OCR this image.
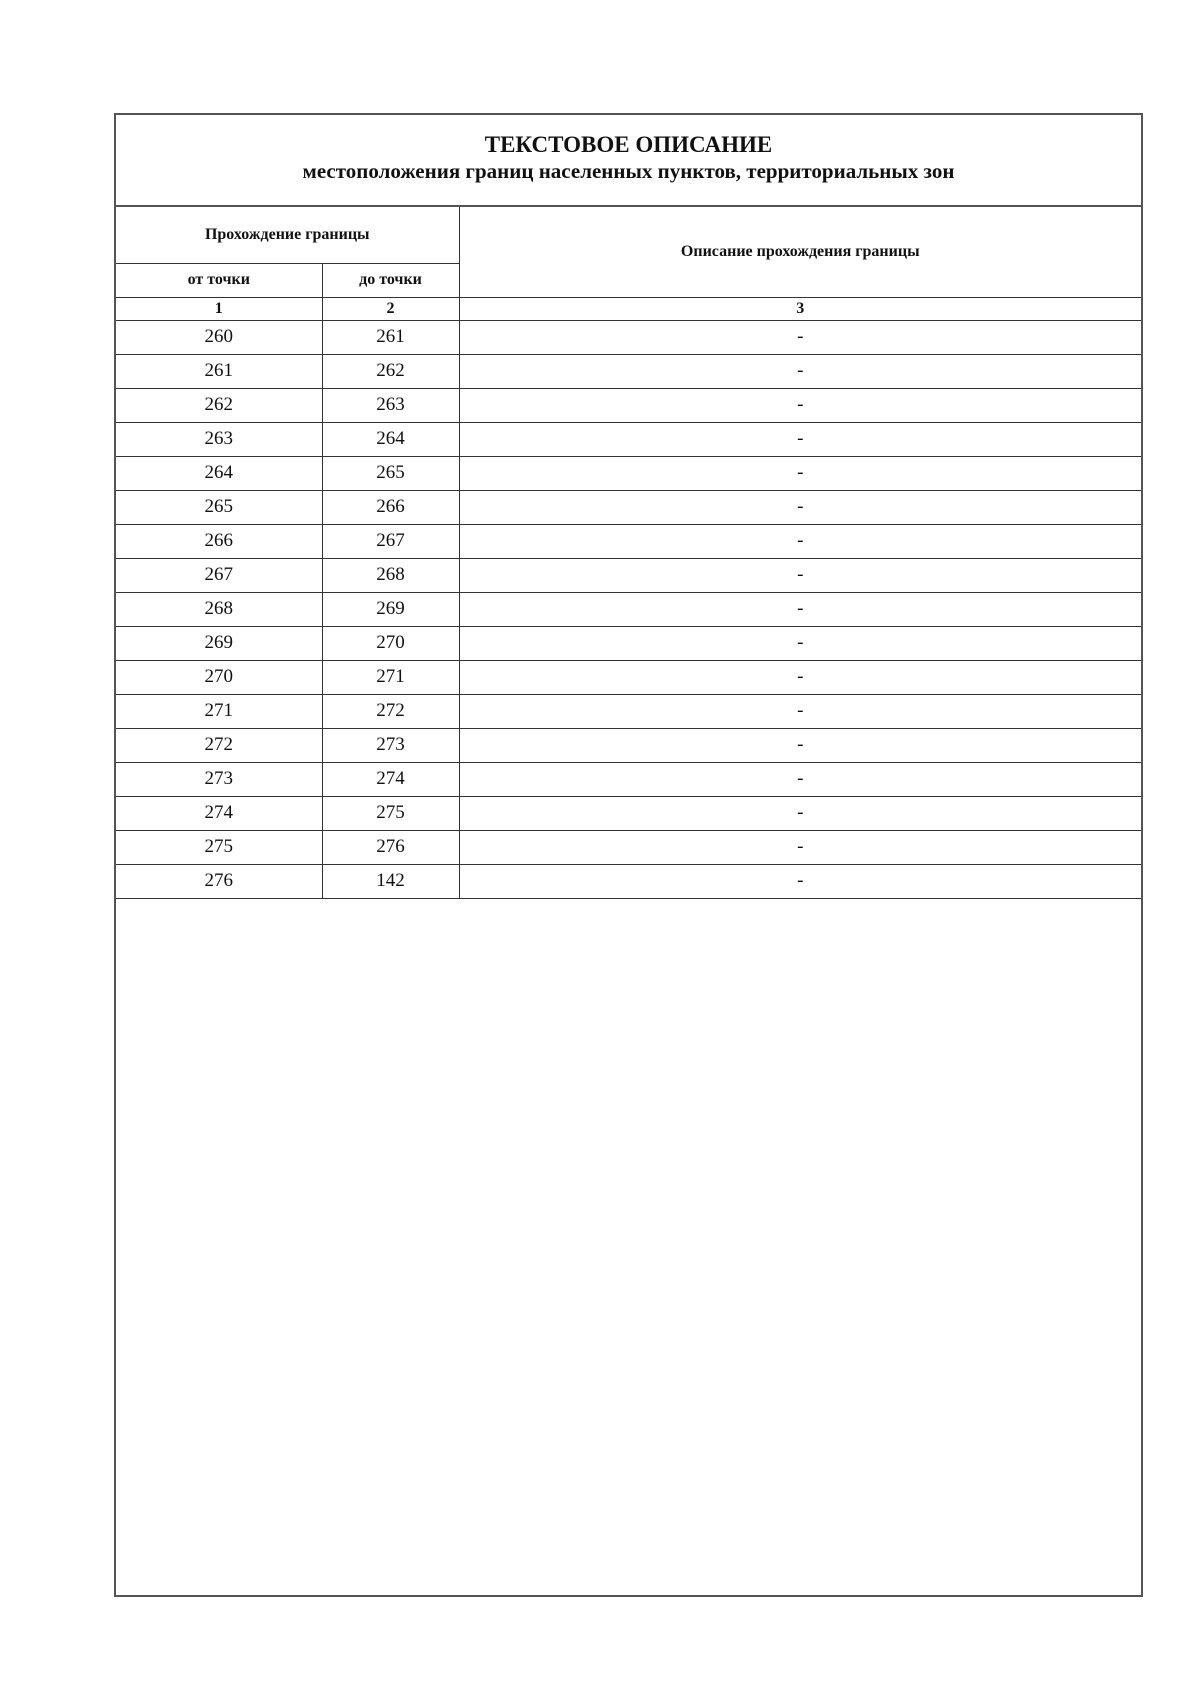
ТЕКСТОВОЕ ОПИСАНИЕ
местоположения границ населенных пунктов, территориальных зон
Прохождение границы		Описание прохождения границы
от точки	до точки	
1	2	3
260	261	-
261	262	-
262	263	-
263	264	-
264	265	-
265	266	-
266	267	-
267	268	-
268	269	-
269	270	-
270	271	-
271	272	-
272	273	-
273	274	-
274	275	-
275	276	-
276	142	-
